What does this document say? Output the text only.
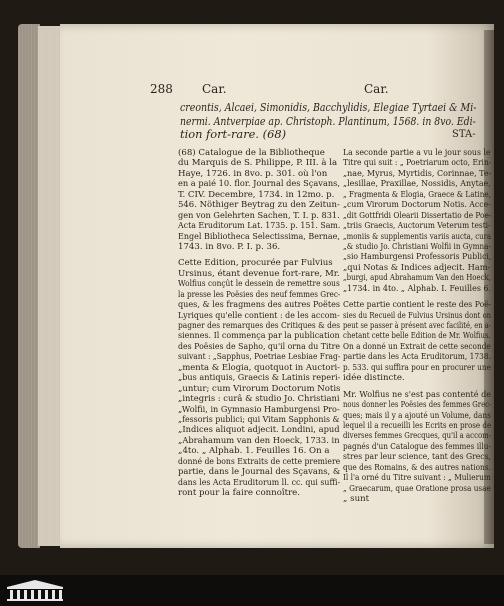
288 Car.	Car.
creontis, Alcaei, Simonidis, Bacchylidis, Elegiae Tyrtaei & Mi-
nermi. Antverpiae ap. Christoph. Plantinum, 1568. in 8vo. Edi-
tion fort-rare. (68)	STA-
(68) Catalogue de la Bibliotheque
du Marquis de S. Philippe, P. III. à la
Haye, 1726. in 8vo. p. 301. où l'on
en a paié 10. flor. Journal des Sçavans,
T. CIV. Decembre, 1734. in 12mo. p.
546. Nöthiger Beytrag zu den Zeitun-
gen von Gelehrten Sachen, T. I. p. 831.
Acta Eruditorum Lat. 1735. p. 151. Sam.
Engel Bibliotheca Selectissima, Bernae,
1743. in 8vo. P. I. p. 36.
Cette Edition, procurée par Fulvius
Ursinus, étant devenue fort-rare, Mr.
Wolfius conçût le dessein de remettre sous
la presse les Poësies des neuf femmes Grec-
ques, & les fragmens des autres Poëtes
Lyriques qu'elle contient : de les accom-
pagner des remarques des Critiques & des
siennes. Il commença par la publication
des Poësies de Sapho, qu'il orna du Titre
suivant : „Sapphus, Poetriae Lesbiae Frag-
„menta & Elogia, quotquot in Auctori-
„bus antiquis, Graecis & Latinis reperi-
„untur; cum Virorum Doctorum Notis
„integris : curâ & studio Jo. Christiani
„Wolfii, in Gymnasio Hamburgensi Pro-
„fessoris publici; qui Vitam Sapphonis &
„Indices aliquot adjecit. Londini, apud
„Abrahamum van den Hoeck, 1733. in
„4to. „ Alphab. 1. Feuilles 16. On a
donné de bons Extraits de cette premiere
partie, dans le Journal des Sçavans, &
dans les Acta Eruditorum ll. cc. qui suffi-
ront pour la faire connoître.
La seconde partie a vu le jour sous le
Titre qui suit : „ Poetriarum octo, Erin-
„nae, Myrus, Myrtidis, Corinnae, Te-
„lesillae, Praxillae, Nossidis, Anytae,
„ Fragmenta & Elogia, Graece & Latine,
„cum Virorum Doctorum Notis. Acce-
„dit Gottfridi Olearii Dissertatio de Poe-
„triis Graecis, Auctorum Veterum testi-
„moniis & supplementis variis aucta, cura
„& studio Jo. Christiani Wolfii in Gymna-
„sio Hamburgensi Professoris Publici,
„qui Notas & Indices adjecit. Ham-
„burgi, apud Abrahamum Van den Hoeck,
„1734. in 4to. „ Alphab. I. Feuilles 6.
Cette partie contient le reste des Poë-
sies du Recueil de Fulvius Ursinus dont on
peut se passer à présent avec facilité, en a-
chetant cette belle Edition de Mr. Wolfius.
On a donné un Extrait de cette seconde
partie dans les Acta Eruditorum, 1738.
p. 533. qui suffira pour en procurer une
idée distincte.
Mr. Wolfius ne s'est pas contenté de
nous donner les Poësies des femmes Grec-
ques; mais il y a ajouté un Volume, dans
lequel il a recueilli les Ecrits en prose de
diverses femmes Grecques, qu'il a accom-
pagnés d'un Catalogue des femmes illu-
stres par leur science, tant des Grecs,
que des Romains, & des autres nations.
Il l'a orné du Titre suivant : „ Mulierum
„ Graecarum, quae Oratione prosa usae
„ sunt
